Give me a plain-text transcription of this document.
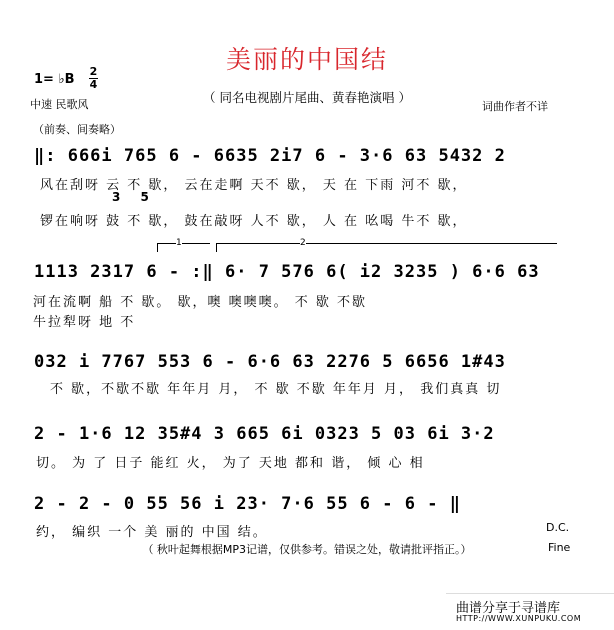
美丽的中国结
1= ♭B
2
4
（ 同名电视剧片尾曲、黄春艳演唱 ）
中速 民歌风	词曲作者不详
（前奏、间奏略）
‖: 666i 765 6 - 6635 2i7 6 - 3·6 63 5432 2
风在刮呀 云 不 歇， 云在走啊 天不 歇， 天 在 下雨 河不 歇，
3 5
锣在响呀 鼓 不 歇， 鼓在敲呀 人不 歇， 人 在 吆喝 牛不 歇，
1	2
1113 2317 6 - :‖ 6· 7 576 6( i2 3235 ) 6·6 63
河在流啊 船 不 歇。 歇，噢 噢噢噢。 不 歇 不歇
牛拉犁呀 地 不
032 i 7767 553 6 - 6·6 63 2276 5 6656 1#43
不 歇，不歇不歇 年年月 月， 不 歇 不歇 年年月 月， 我们真真 切
2 - 1·6 12 35#4 3 665 6i 0323 5 03 6i 3·2
切。 为 了 日子 能红 火， 为了 天地 都和 谐， 倾 心 相
2 - 2 - 0 55 56 i 23· 7·6 55 6 - 6 - ‖
约， 编织 一个 美 丽的 中国 结。	D.C.
Fine
（ 秋叶起舞根据MP3记谱，仅供参考。错误之处，敬请批评指正。）
曲谱分享于寻谱库
HTTP://WWW.XUNPUKU.COM
